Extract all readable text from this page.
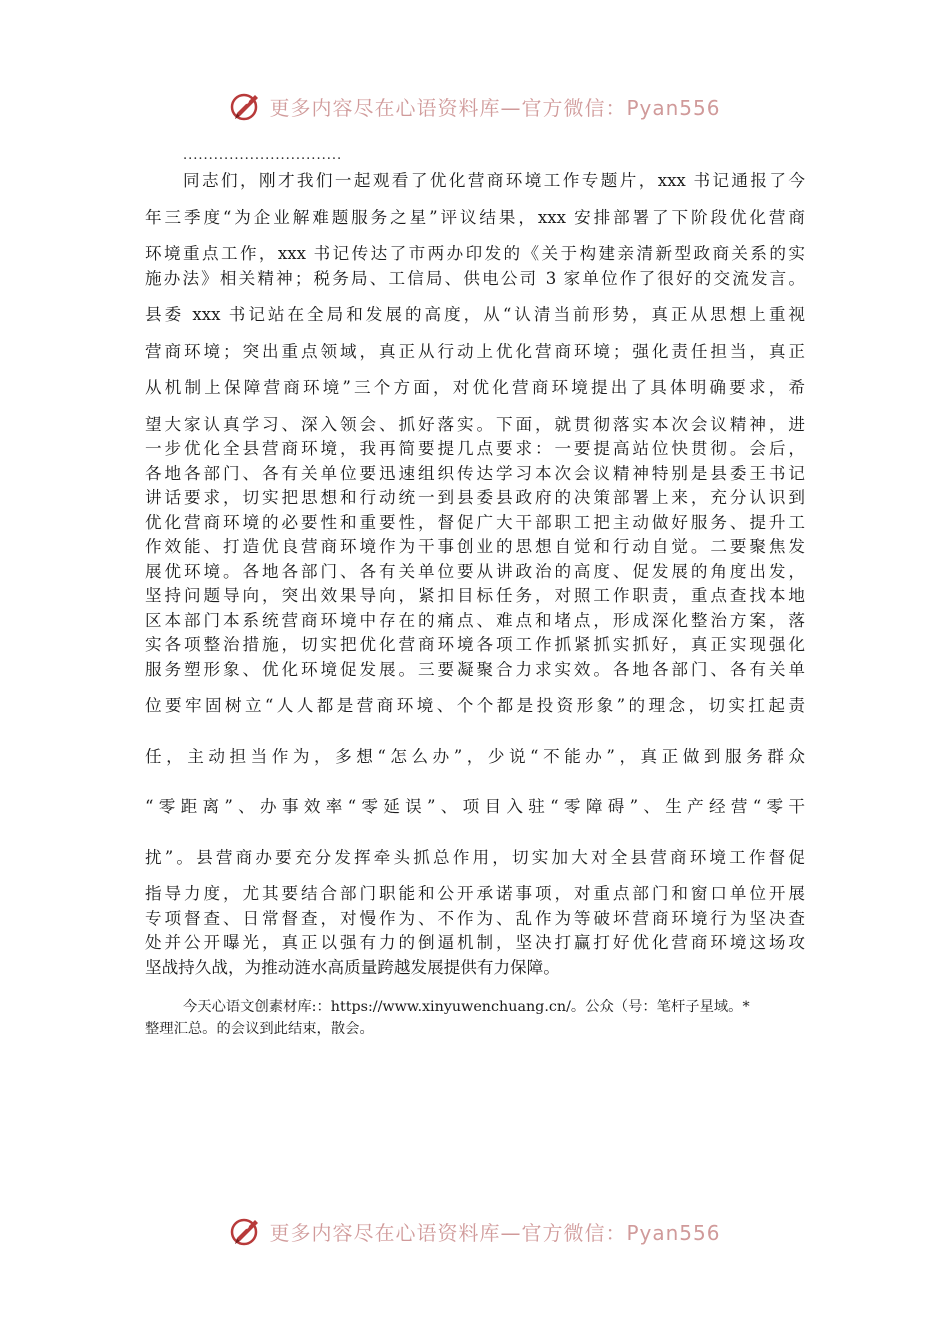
更多内容尽在心语资料库—官方微信：Pyan556
...............................
同志们，刚才我们一起观看了优化营商环境工作专题片，xxx 书记通报了今
年三季度“为企业解难题服务之星”评议结果，xxx 安排部署了下阶段优化营商
环境重点工作，xxx 书记传达了市两办印发的《关于构建亲清新型政商关系的实
施办法》相关精神；税务局、工信局、供电公司 3 家单位作了很好的交流发言。
县委 xxx 书记站在全局和发展的高度，从“认清当前形势，真正从思想上重视
营商环境；突出重点领域，真正从行动上优化营商环境；强化责任担当，真正
从机制上保障营商环境”三个方面，对优化营商环境提出了具体明确要求，希
望大家认真学习、深入领会、抓好落实。下面，就贯彻落实本次会议精神，进
一步优化全县营商环境，我再简要提几点要求：一要提高站位快贯彻。会后，
各地各部门、各有关单位要迅速组织传达学习本次会议精神特别是县委王书记
讲话要求，切实把思想和行动统一到县委县政府的决策部署上来，充分认识到
优化营商环境的必要性和重要性，督促广大干部职工把主动做好服务、提升工
作效能、打造优良营商环境作为干事创业的思想自觉和行动自觉。二要聚焦发
展优环境。各地各部门、各有关单位要从讲政治的高度、促发展的角度出发，
坚持问题导向，突出效果导向，紧扣目标任务，对照工作职责，重点查找本地
区本部门本系统营商环境中存在的痛点、难点和堵点，形成深化整治方案，落
实各项整治措施，切实把优化营商环境各项工作抓紧抓实抓好，真正实现强化
服务塑形象、优化环境促发展。三要凝聚合力求实效。各地各部门、各有关单
位要牢固树立“人人都是营商环境、个个都是投资形象”的理念，切实扛起责
任，主动担当作为，多想“怎么办”，少说“不能办”，真正做到服务群众
“零距离”、办事效率“零延误”、项目入驻“零障碍”、生产经营“零干
扰”。县营商办要充分发挥牵头抓总作用，切实加大对全县营商环境工作督促
指导力度，尤其要结合部门职能和公开承诺事项，对重点部门和窗口单位开展
专项督查、日常督查，对慢作为、不作为、乱作为等破坏营商环境行为坚决查
处并公开曝光，真正以强有力的倒逼机制，坚决打赢打好优化营商环境这场攻
坚战持久战，为推动涟水高质量跨越发展提供有力保障。
今天心语文创素材库:：https://www.xinyuwenchuang.cn/。公众（号：笔杆子星域。*
整理汇总。的会议到此结束，散会。
更多内容尽在心语资料库—官方微信：Pyan556
